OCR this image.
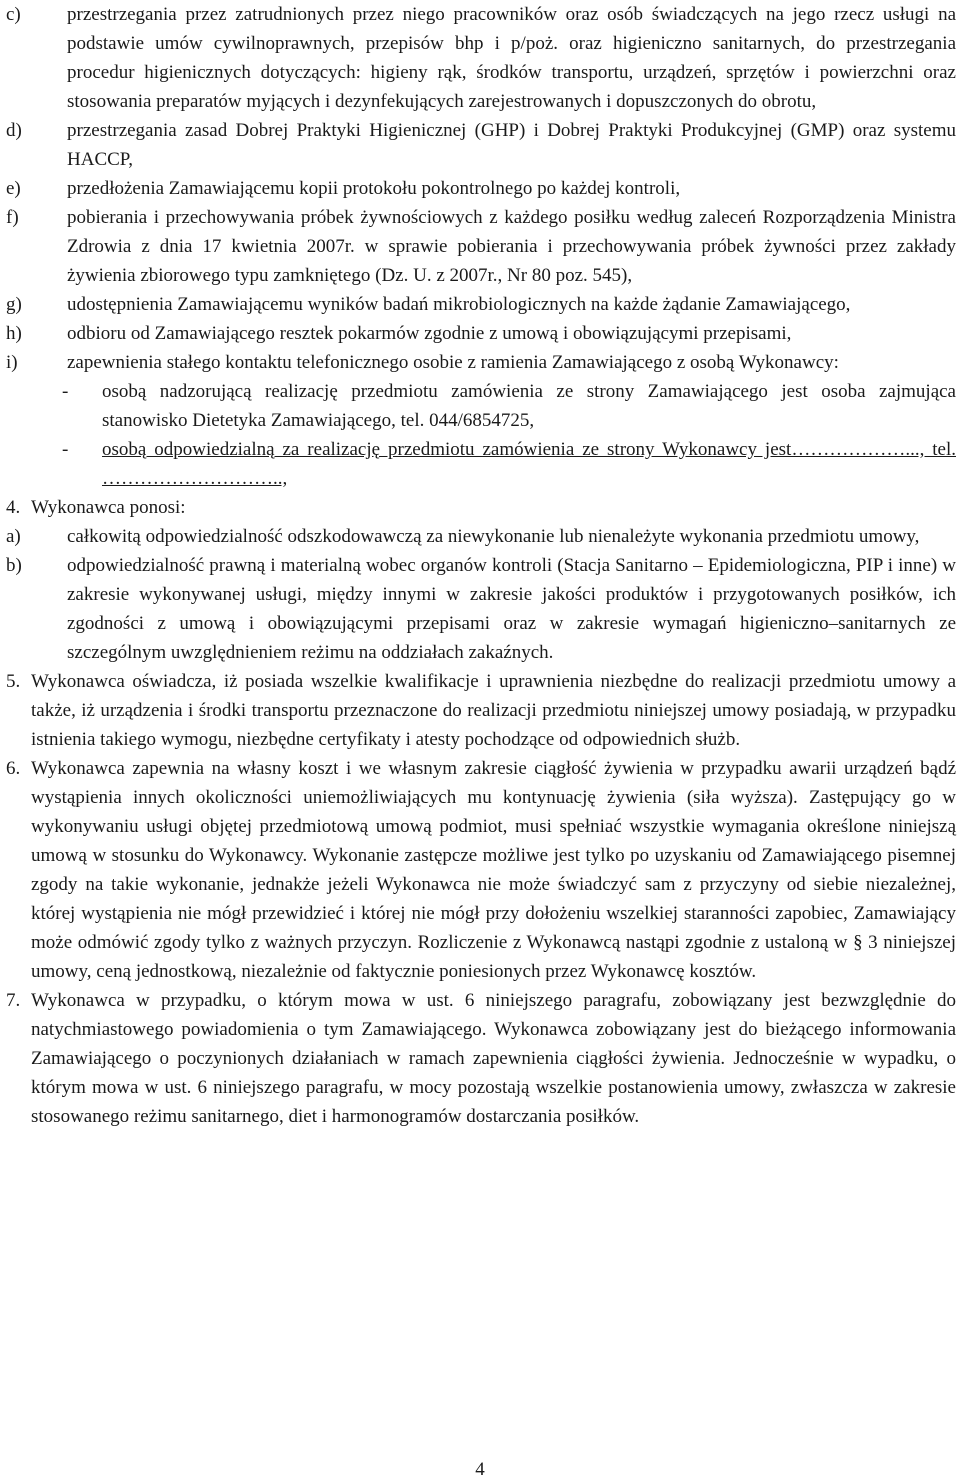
c)	przestrzegania przez zatrudnionych przez niego pracowników oraz osób świadczących na jego rzecz usługi na podstawie umów cywilnoprawnych, przepisów bhp i p/poż. oraz higieniczno sanitarnych, do przestrzegania procedur higienicznych dotyczących: higieny rąk, środków transportu, urządzeń, sprzętów i powierzchni oraz stosowania preparatów myjących i dezynfekujących zarejestrowanych i dopuszczonych do obrotu,
d)	przestrzegania zasad Dobrej Praktyki Higienicznej (GHP) i Dobrej Praktyki Produkcyjnej (GMP) oraz systemu HACCP,
e)	przedłożenia Zamawiającemu kopii protokołu pokontrolnego po każdej kontroli,
f)	pobierania i przechowywania próbek żywnościowych z każdego posiłku według zaleceń Rozporządzenia Ministra Zdrowia z dnia 17 kwietnia 2007r. w sprawie pobierania i przechowywania próbek żywności przez zakłady żywienia zbiorowego typu zamkniętego (Dz. U. z 2007r., Nr 80 poz. 545),
g)	udostępnienia Zamawiającemu wyników badań mikrobiologicznych na każde żądanie Zamawiającego,
h)	odbioru od Zamawiającego resztek pokarmów zgodnie z umową i obowiązującymi przepisami,
i)	zapewnienia stałego kontaktu telefonicznego osobie z ramienia Zamawiającego z osobą Wykonawcy:
-	osobą nadzorującą realizację przedmiotu zamówienia ze strony Zamawiającego jest osoba zajmująca stanowisko Dietetyka Zamawiającego, tel. 044/6854725,
-	osobą odpowiedzialną za realizację przedmiotu zamówienia ze strony Wykonawcy jest………………..., tel. ………………………..,
4. Wykonawca ponosi:
a)	całkowitą odpowiedzialność odszkodowawczą za niewykonanie lub nienależyte wykonania przedmiotu umowy,
b)	odpowiedzialność prawną i materialną wobec organów kontroli (Stacja Sanitarno – Epidemiologiczna, PIP i inne) w zakresie wykonywanej usługi, między innymi w zakresie jakości produktów i przygotowanych posiłków, ich zgodności z umową i obowiązującymi przepisami oraz w zakresie wymagań higieniczno–sanitarnych ze szczególnym uwzględnieniem reżimu na oddziałach zakaźnych.
5. Wykonawca oświadcza, iż posiada wszelkie kwalifikacje i uprawnienia niezbędne do realizacji przedmiotu umowy a także, iż urządzenia i środki transportu przeznaczone do realizacji przedmiotu niniejszej umowy posiadają, w przypadku istnienia takiego wymogu, niezbędne certyfikaty i atesty pochodzące od odpowiednich służb.
6. Wykonawca zapewnia na własny koszt i we własnym zakresie ciągłość żywienia w przypadku awarii urządzeń bądź wystąpienia innych okoliczności uniemożliwiających mu kontynuację żywienia (siła wyższa). Zastępujący go w wykonywaniu usługi objętej przedmiotową umową podmiot, musi spełniać wszystkie wymagania określone niniejszą umową w stosunku do Wykonawcy. Wykonanie zastępcze możliwe jest tylko po uzyskaniu od Zamawiającego pisemnej zgody na takie wykonanie, jednakże jeżeli Wykonawca nie może świadczyć sam z przyczyny od siebie niezależnej, której wystąpienia nie mógł przewidzieć i której nie mógł przy dołożeniu wszelkiej staranności zapobiec, Zamawiający może odmówić zgody tylko z ważnych przyczyn. Rozliczenie z Wykonawcą nastąpi zgodnie z ustaloną w § 3 niniejszej umowy, ceną jednostkową, niezależnie od faktycznie poniesionych przez Wykonawcę kosztów.
7. Wykonawca w przypadku, o którym mowa w ust. 6 niniejszego paragrafu, zobowiązany jest bezwzględnie do natychmiastowego powiadomienia o tym Zamawiającego. Wykonawca zobowiązany jest do bieżącego informowania Zamawiającego o poczynionych działaniach w ramach zapewnienia ciągłości żywienia. Jednocześnie w wypadku, o którym mowa w ust. 6 niniejszego paragrafu, w mocy pozostają wszelkie postanowienia umowy, zwłaszcza w zakresie stosowanego reżimu sanitarnego, diet i harmonogramów dostarczania posiłków.
4
